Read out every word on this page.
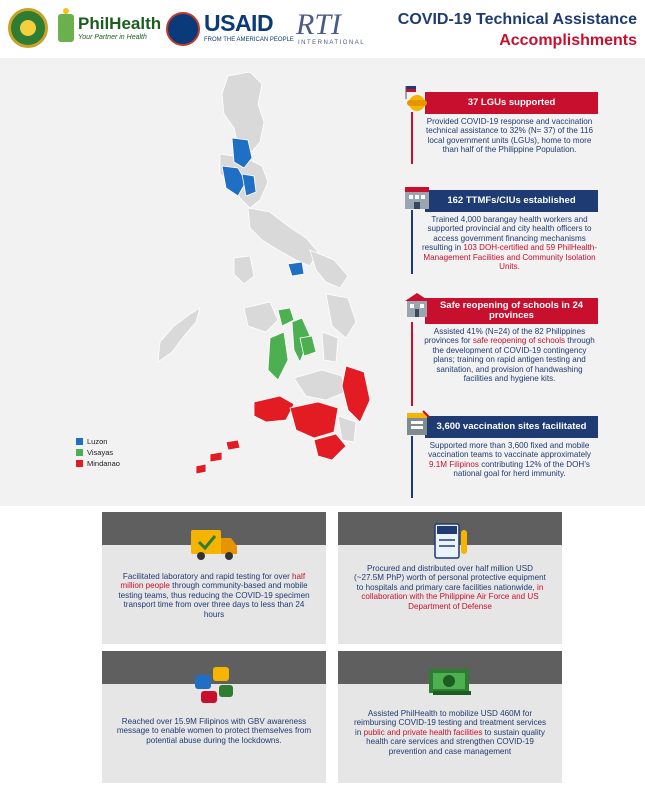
PhilHealth
Your Partner in Health
USAID
FROM THE AMERICAN PEOPLE RTI
INTERNATIONAL
COVID-19 Technical Assistance
Accomplishments
Luzon
Visayas
Mindanao
37 LGUs supported
Provided COVID-19 response and vaccination technical assistance to 32% (N= 37) of the 116 local government units (LGUs), home to more than half of the Philippine Population.
162 TTMFs/CIUs established
Trained 4,000 barangay health workers and supported provincial and city health officers to access government financing mechanisms resulting in 103 DOH-certified and 59 PhilHealth-Management Facilities and Community Isolation Units.
Safe reopening of schools in 24 provinces
Assisted 41% (N=24) of the 82 Philippines provinces for safe reopening of schools through the development of COVID-19 contingency plans; training on rapid antigen testing and sanitation, and provision of handwashing facilities and hygiene kits.
3,600 vaccination sites facilitated
Supported more than 3,600 fixed and mobile vaccination teams to vaccinate approximately 9.1M Filipinos contributing 12% of the DOH’s national goal for herd immunity.
Facilitated laboratory and rapid testing for over half million people through community-based and mobile testing teams, thus reducing the COVID-19 specimen transport time from over three days to less than 24 hours
Procured and distributed over half million USD (~27.5M PhP) worth of personal protective equipment to hospitals and primary care facilities nationwide, in collaboration with the Philippine Air Force and US Department of Defense
Reached over 15.9M Filipinos with GBV awareness message to enable women to protect themselves from potential abuse during the lockdowns.
Assisted PhilHealth to mobilize USD 460M for reimbursing COVID-19 testing and treatment services in public and private health facilities to sustain quality health care services and strengthen COVID-19 prevention and case management
